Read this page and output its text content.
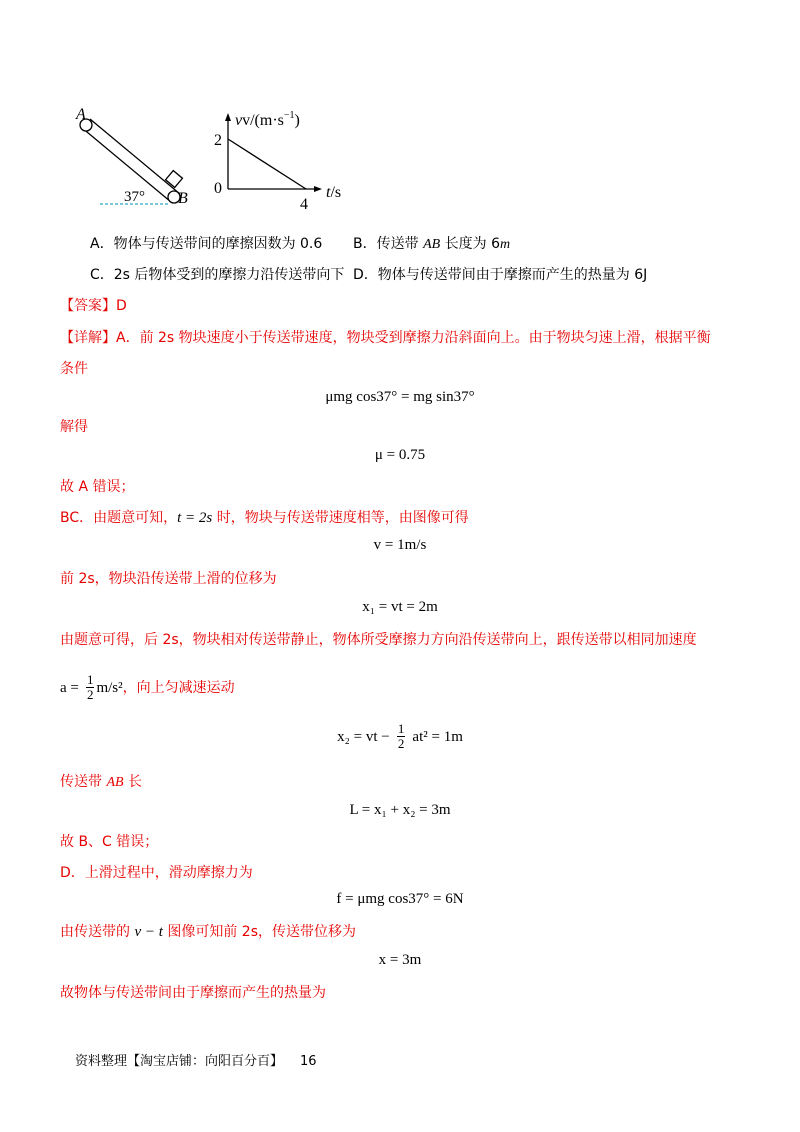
A
B
37°
$vv/(m\cdot s^{-1})$
2
0
4
t/s
A．物体与传送带间的摩擦因数为 0.6 B．传送带 AB 长度为 6m
C．2s 后物体受到的摩擦力沿传送带向下 D．物体与传送带间由于摩擦而产生的热量为 6J
【答案】D
【详解】A．前 2s 物块速度小于传送带速度，物块受到摩擦力沿斜面向上。由于物块匀速上滑，根据平衡
条件
μmg cos37° = mg sin37°
解得
μ = 0.75
故 A 错误；
BC．由题意可知，t = 2s 时，物块与传送带速度相等，由图像可得
v = 1m/s
前 2s，物块沿传送带上滑的位移为
x₁ = vt = 2m
由题意可得，后 2s，物块相对传送带静止，物体所受摩擦力方向沿传送带向上，跟传送带以相同加速度
$a = \frac{1}{2} m/s^2$，向上匀减速运动
x₂ = vt − $\frac{1}{2} at^2 = 1m$
传送带 AB 长
L = x₁ + x₂ = 3m
故 B、C 错误；
D．上滑过程中，滑动摩擦力为
f = μmg cos37° = 6N
由传送带的 v − t 图像可知前 2s，传送带位移为
x = 3m
故物体与传送带间由于摩擦而产生的热量为
资料整理【淘宝店铺：向阳百分百】 16
